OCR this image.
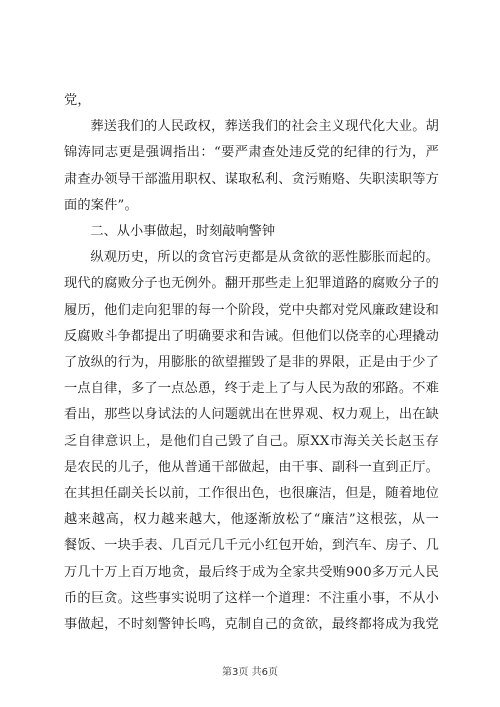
党，

葬送我们的人民政权，葬送我们的社会主义现代化大业。胡锦涛同志更是强调指出：“要严肃查处违反党的纪律的行为，严肃查办领导干部滥用职权、谋取私利、贪污贿赂、失职渎职等方面的案件”。

二、从小事做起，时刻敲响警钟

纵观历史，所以的贪官污吏都是从贪欲的恶性膨胀而起的。现代的腐败分子也无例外。翻开那些走上犯罪道路的腐败分子的履历，他们走向犯罪的每一个阶段，党中央都对党风廉政建设和反腐败斗争都提出了明确要求和告诫。但他们以侥幸的心理撬动了放纵的行为，用膨胀的欲望摧毁了是非的界限，正是由于少了一点自律，多了一点怂恿，终于走上了与人民为敌的邪路。不难看出，那些以身试法的人问题就出在世界观、权力观上，出在缺乏自律意识上，是他们自己毁了自己。原XX市海关关长赵玉存是农民的儿子，他从普通干部做起，由干事、副科一直到正厅。在其担任副关长以前，工作很出色，也很廉洁，但是，随着地位越来越高，权力越来越大，他逐渐放松了“廉洁”这根弦，从一餐饭、一块手表、几百元几千元小红包开始，到汽车、房子、几万几十万上百万地贪，最后终于成为全家共受贿900多万元人民币的巨贪。这些事实说明了这样一个道理：不注重小事，不从小事做起，不时刻警钟长鸣，克制自己的贪欲，最终都将成为我党

第3页 共6页
